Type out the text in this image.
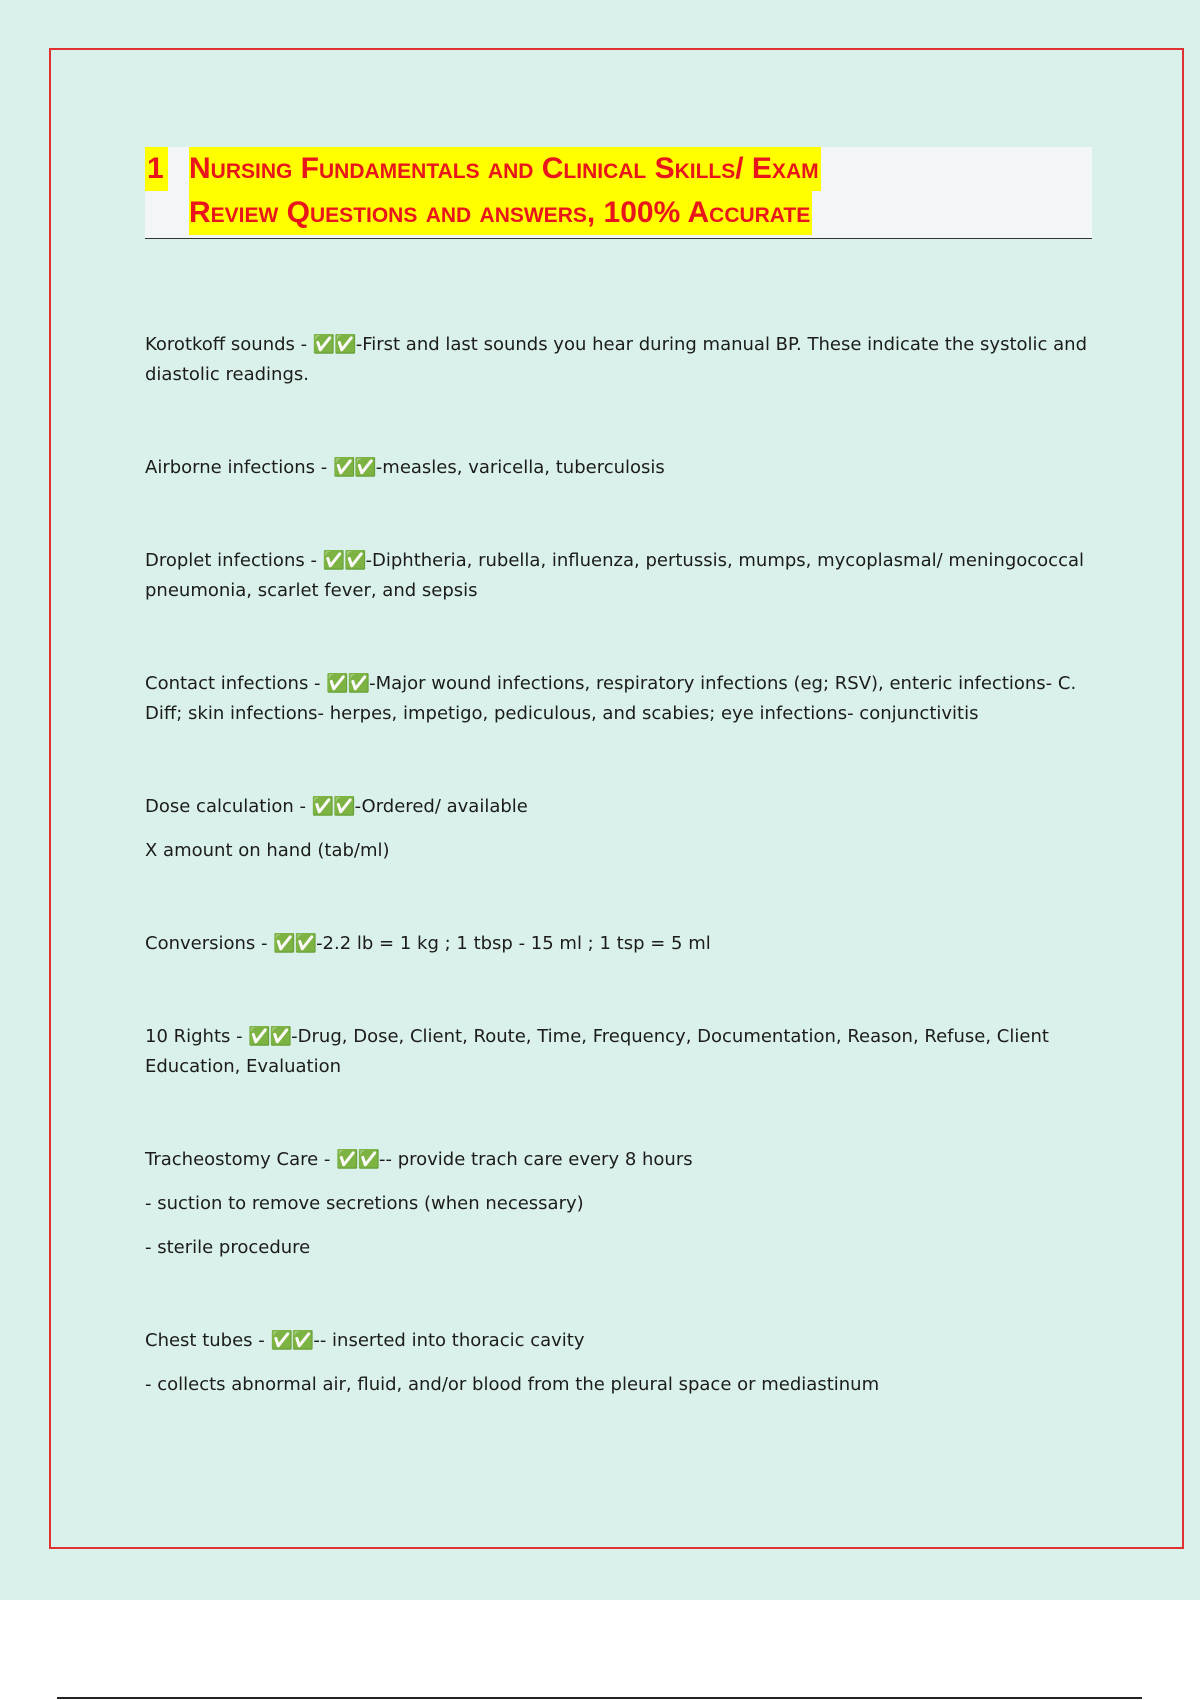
1 Nursing Fundamentals and Clinical Skills/ Exam
Review Questions and answers, 100% Accurate

Korotkoff sounds - ✅✅-First and last sounds you hear during manual BP. These indicate the systolic and diastolic readings.

Airborne infections - ✅✅-measles, varicella, tuberculosis

Droplet infections - ✅✅-Diphtheria, rubella, influenza, pertussis, mumps, mycoplasmal/ meningococcal pneumonia, scarlet fever, and sepsis

Contact infections - ✅✅-Major wound infections, respiratory infections (eg; RSV), enteric infections- C. Diff; skin infections- herpes, impetigo, pediculous, and scabies; eye infections- conjunctivitis

Dose calculation - ✅✅-Ordered/ available

X amount on hand (tab/ml)

Conversions - ✅✅-2.2 lb = 1 kg ; 1 tbsp - 15 ml ; 1 tsp = 5 ml

10 Rights - ✅✅-Drug, Dose, Client, Route, Time, Frequency, Documentation, Reason, Refuse, Client Education, Evaluation

Tracheostomy Care - ✅✅-- provide trach care every 8 hours

- suction to remove secretions (when necessary)

- sterile procedure

Chest tubes - ✅✅-- inserted into thoracic cavity

- collects abnormal air, fluid, and/or blood from the pleural space or mediastinum
